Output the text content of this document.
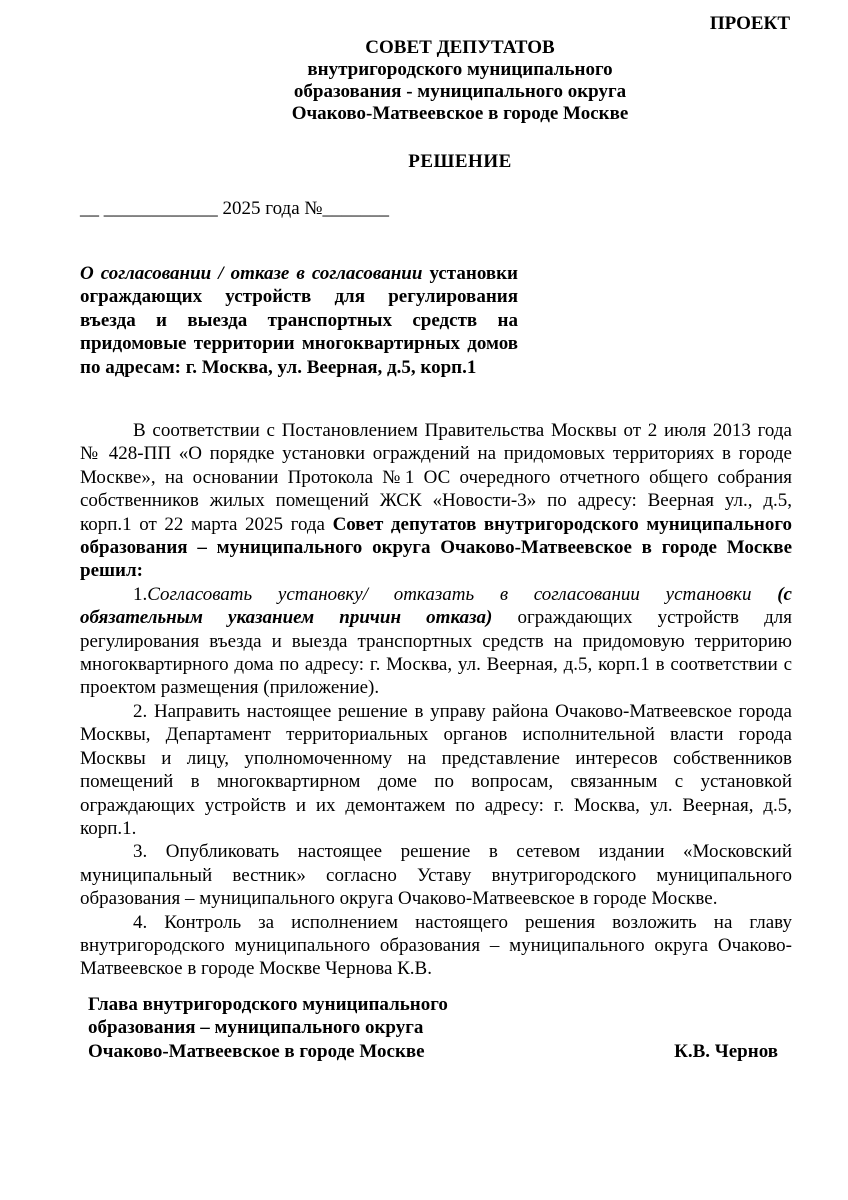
ПРОЕКТ
СОВЕТ ДЕПУТАТОВ
внутригородского муниципального
образования - муниципального округа
Очаково-Матвеевское в городе Москве
РЕШЕНИЕ
__ ____________ 2025 года №_______
О согласовании / отказе в согласовании установки ограждающих устройств для регулирования въезда и выезда транспортных средств на придомовые территории многоквартирных домов по адресам: г. Москва, ул. Веерная, д.5, корп.1

В соответствии с Постановлением Правительства Москвы от 2 июля 2013 года № 428-ПП «О порядке установки ограждений на придомовых территориях в городе Москве», на основании Протокола №1 ОС очередного отчетного общего собрания собственников жилых помещений ЖСК «Новости-3» по адресу: Веерная ул., д.5, корп.1 от 22 марта 2025 года Совет депутатов внутригородского муниципального образования – муниципального округа Очаково-Матвеевское в городе Москве решил:

1.Согласовать установку/ отказать в согласовании установки (с обязательным указанием причин отказа) ограждающих устройств для регулирования въезда и выезда транспортных средств на придомовую территорию многоквартирного дома по адресу: г. Москва, ул. Веерная, д.5, корп.1 в соответствии с проектом размещения (приложение).

2. Направить настоящее решение в управу района Очаково-Матвеевское города Москвы, Департамент территориальных органов исполнительной власти города Москвы и лицу, уполномоченному на представление интересов собственников помещений в многоквартирном доме по вопросам, связанным с установкой ограждающих устройств и их демонтажем по адресу: г. Москва, ул. Веерная, д.5, корп.1.

3. Опубликовать настоящее решение в сетевом издании «Московский муниципальный вестник» согласно Уставу внутригородского муниципального образования – муниципального округа Очаково-Матвеевское в городе Москве.

4. Контроль за исполнением настоящего решения возложить на главу внутригородского муниципального образования – муниципального округа Очаково-Матвеевское в городе Москве Чернова К.В.

Глава внутригородского муниципального
образования – муниципального округа
Очаково-Матвеевское в городе Москве	К.В. Чернов
